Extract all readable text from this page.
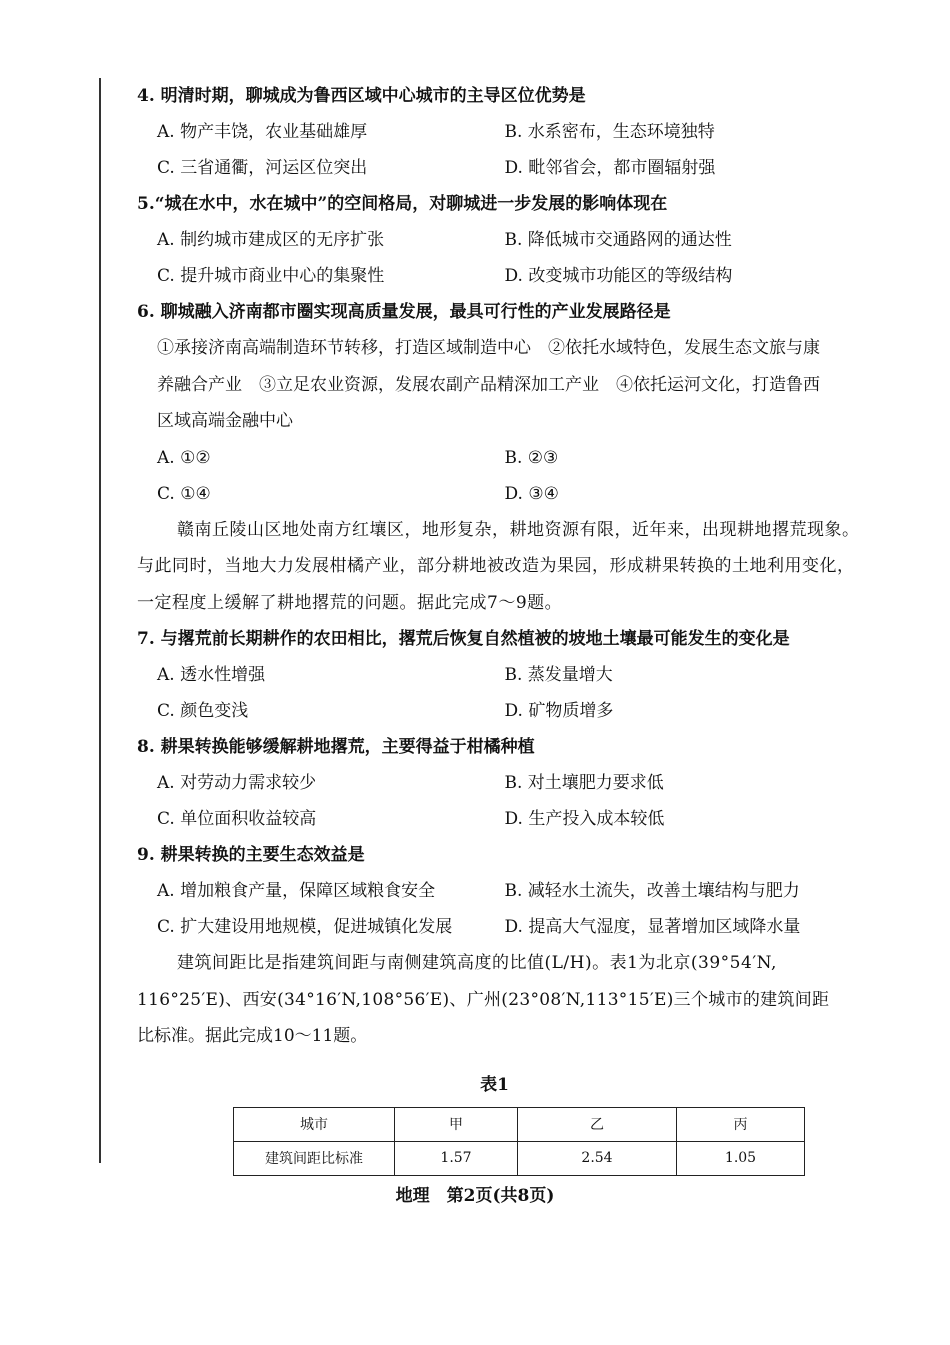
4. 明清时期，聊城成为鲁西区域中心城市的主导区位优势是

A. 物产丰饶，农业基础雄厚	B. 水系密布，生态环境独特
C. 三省通衢，河运区位突出	D. 毗邻省会，都市圈辐射强

5.“城在水中，水在城中”的空间格局，对聊城进一步发展的影响体现在

A. 制约城市建成区的无序扩张	B. 降低城市交通路网的通达性
C. 提升城市商业中心的集聚性	D. 改变城市功能区的等级结构

6. 聊城融入济南都市圈实现高质量发展，最具可行性的产业发展路径是

①承接济南高端制造环节转移，打造区域制造中心　②依托水域特色，发展生态文旅与康
养融合产业　③立足农业资源，发展农副产品精深加工产业　④依托运河文化，打造鲁西
区域高端金融中心
A. ①②	B. ②③
C. ①④	D. ③④
赣南丘陵山区地处南方红壤区，地形复杂，耕地资源有限，近年来，出现耕地撂荒现象。
与此同时，当地大力发展柑橘产业，部分耕地被改造为果园，形成耕果转换的土地利用变化，
一定程度上缓解了耕地撂荒的问题。据此完成7～9题。

7. 与撂荒前长期耕作的农田相比，撂荒后恢复自然植被的坡地土壤最可能发生的变化是

A. 透水性增强	B. 蒸发量增大
C. 颜色变浅	D. 矿物质增多

8. 耕果转换能够缓解耕地撂荒，主要得益于柑橘种植

A. 对劳动力需求较少	B. 对土壤肥力要求低
C. 单位面积收益较高	D. 生产投入成本较低

9. 耕果转换的主要生态效益是

A. 增加粮食产量，保障区域粮食安全	B. 减轻水土流失，改善土壤结构与肥力
C. 扩大建设用地规模，促进城镇化发展	D. 提高大气湿度，显著增加区域降水量
建筑间距比是指建筑间距与南侧建筑高度的比值(L/H)。表1为北京(39°54′N,
116°25′E)、西安(34°16′N,108°56′E)、广州(23°08′N,113°15′E)三个城市的建筑间距
比标准。据此完成10～11题。
表1
城市	甲	乙	丙
建筑间距比标准	1.57	2.54	1.05
地理　第2页(共8页)
